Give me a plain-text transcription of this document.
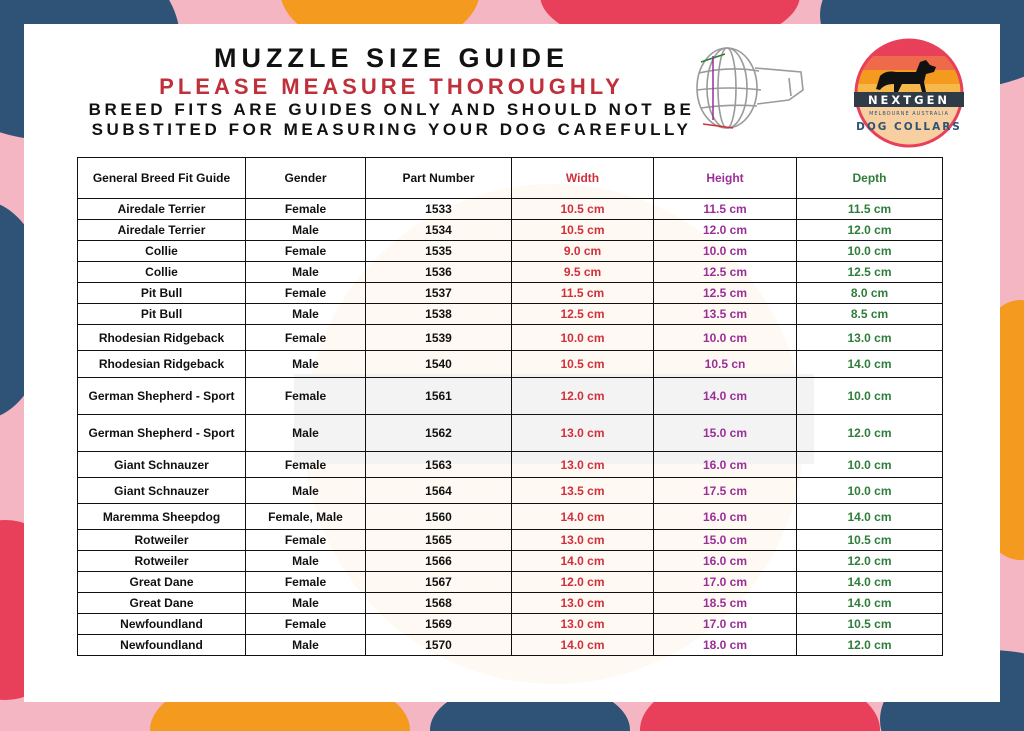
MUZZLE SIZE GUIDE
PLEASE MEASURE THOROUGHLY
BREED FITS ARE GUIDES ONLY AND SHOULD NOT BE
SUBSTITED FOR MEASURING YOUR DOG CAREFULLY
NEXTGEN
MELBOURNE AUSTRALIA
DOG COLLARS
General Breed Fit Guide	Gender	Part Number	Width	Height	Depth
Airedale Terrier	Female	1533	10.5 cm	11.5 cm	11.5 cm
Airedale Terrier	Male	1534	10.5 cm	12.0 cm	12.0 cm
Collie	Female	1535	9.0 cm	10.0 cm	10.0 cm
Collie	Male	1536	9.5 cm	12.5 cm	12.5 cm
Pit Bull	Female	1537	11.5 cm	12.5 cm	8.0 cm
Pit Bull	Male	1538	12.5 cm	13.5 cm	8.5 cm
Rhodesian Ridgeback	Female	1539	10.0 cm	10.0 cm	13.0 cm
Rhodesian Ridgeback	Male	1540	10.5 cm	10.5 cn	14.0 cm
German Shepherd - Sport	Female	1561	12.0 cm	14.0 cm	10.0 cm
German Shepherd - Sport	Male	1562	13.0 cm	15.0 cm	12.0 cm
Giant Schnauzer	Female	1563	13.0 cm	16.0 cm	10.0 cm
Giant Schnauzer	Male	1564	13.5 cm	17.5 cm	10.0 cm
Maremma Sheepdog	Female, Male	1560	14.0 cm	16.0 cm	14.0 cm
Rotweiler	Female	1565	13.0 cm	15.0 cm	10.5 cm
Rotweiler	Male	1566	14.0 cm	16.0 cm	12.0 cm
Great Dane	Female	1567	12.0 cm	17.0 cm	14.0 cm
Great Dane	Male	1568	13.0 cm	18.5 cm	14.0 cm
Newfoundland	Female	1569	13.0 cm	17.0 cm	10.5 cm
Newfoundland	Male	1570	14.0 cm	18.0 cm	12.0 cm
